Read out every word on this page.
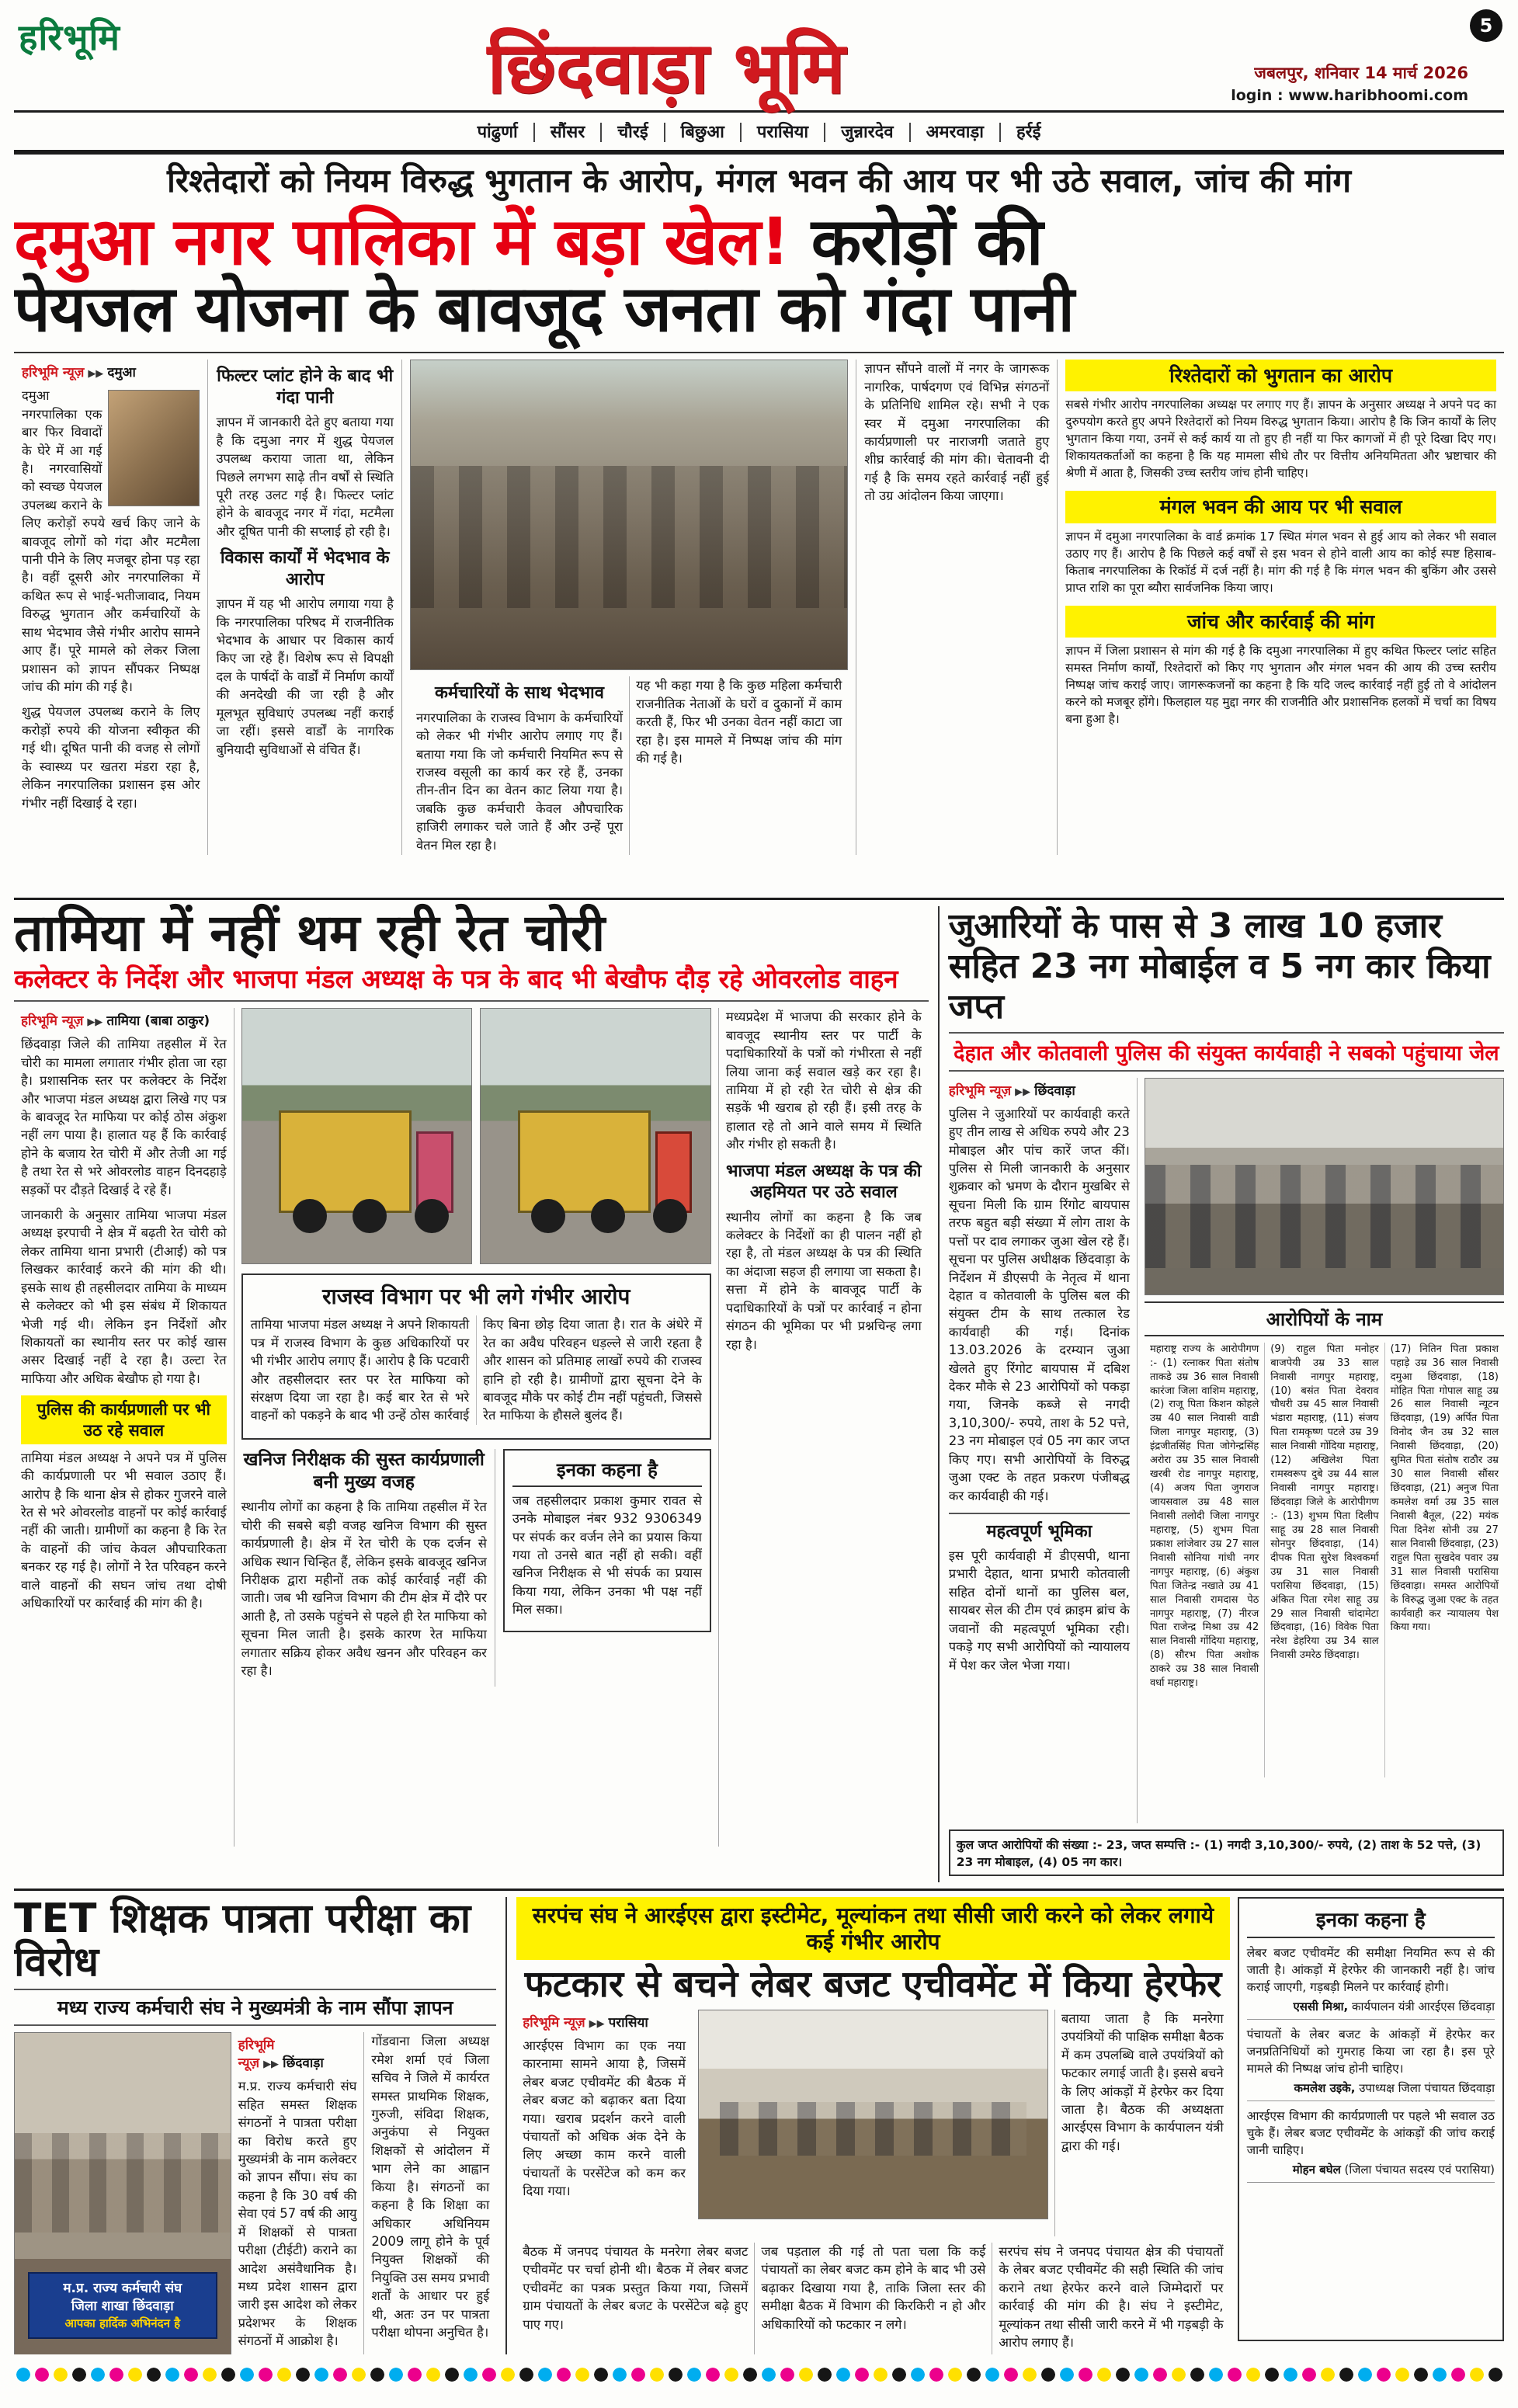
हरिभूमि	छिंदवाड़ा भूमि	जबलपुर, शनिवार 14 मार्च 2026
login : www.haribhoomi.com
5
पांढुर्णा सौंसर चौरई बिछुआ परासिया जुन्नारदेव अमरवाड़ा हर्रई
रिश्तेदारों को नियम विरुद्ध भुगतान के आरोप, मंगल भवन की आय पर भी उठे सवाल, जांच की मांग
दमुआ नगर पालिका में बड़ा खेल! करोड़ों की
पेयजल योजना के बावजूद जनता को गंदा पानी
हरिभूमि न्यूज़ ▶▶ दमुआ

दमुआ नगरपालिका एक बार फिर विवादों के घेरे में आ गई है। नगरवासियों को स्वच्छ पेयजल उपलब्ध कराने के लिए करोड़ों रुपये खर्च किए जाने के बावजूद लोगों को गंदा और मटमैला पानी पीने के लिए मजबूर होना पड़ रहा है। वहीं दूसरी ओर नगरपालिका में कथित रूप से भाई-भतीजावाद, नियम विरुद्ध भुगतान और कर्मचारियों के साथ भेदभाव जैसे गंभीर आरोप सामने आए हैं। पूरे मामले को लेकर जिला प्रशासन को ज्ञापन सौंपकर निष्पक्ष जांच की मांग की गई है।

शुद्ध पेयजल उपलब्ध कराने के लिए करोड़ों रुपये की योजना स्वीकृत की गई थी। दूषित पानी की वजह से लोगों के स्वास्थ्य पर खतरा मंडरा रहा है, लेकिन नगरपालिका प्रशासन इस ओर गंभीर नहीं दिखाई दे रहा।

फिल्टर प्लांट होने के बाद भी गंदा पानी

ज्ञापन में जानकारी देते हुए बताया गया है कि दमुआ नगर में शुद्ध पेयजल उपलब्ध कराया जाता था, लेकिन पिछले लगभग साढ़े तीन वर्षों से स्थिति पूरी तरह उलट गई है। फिल्टर प्लांट होने के बावजूद नगर में गंदा, मटमैला और दूषित पानी की सप्लाई हो रही है।

विकास कार्यों में भेदभाव के आरोप

ज्ञापन में यह भी आरोप लगाया गया है कि नगरपालिका परिषद में राजनीतिक भेदभाव के आधार पर विकास कार्य किए जा रहे हैं। विशेष रूप से विपक्षी दल के पार्षदों के वार्डों में निर्माण कार्यों की अनदेखी की जा रही है और मूलभूत सुविधाएं उपलब्ध नहीं कराई जा रहीं। इससे वार्डों के नागरिक बुनियादी सुविधाओं से वंचित हैं।

कर्मचारियों के साथ भेदभाव

नगरपालिका के राजस्व विभाग के कर्मचारियों को लेकर भी गंभीर आरोप लगाए गए हैं। बताया गया कि जो कर्मचारी नियमित रूप से राजस्व वसूली का कार्य कर रहे हैं, उनका तीन-तीन दिन का वेतन काट लिया गया है। जबकि कुछ कर्मचारी केवल औपचारिक हाजिरी लगाकर चले जाते हैं और उन्हें पूरा वेतन मिल रहा है।

यह भी कहा गया है कि कुछ महिला कर्मचारी राजनीतिक नेताओं के घरों व दुकानों में काम करती हैं, फिर भी उनका वेतन नहीं काटा जा रहा है। इस मामले में निष्पक्ष जांच की मांग की गई है।

ज्ञापन सौंपने वालों में नगर के जागरूक नागरिक, पार्षदगण एवं विभिन्न संगठनों के प्रतिनिधि शामिल रहे। सभी ने एक स्वर में दमुआ नगरपालिका की कार्यप्रणाली पर नाराजगी जताते हुए शीघ्र कार्रवाई की मांग की। चेतावनी दी गई है कि समय रहते कार्रवाई नहीं हुई तो उग्र आंदोलन किया जाएगा।

रिश्तेदारों को भुगतान का आरोप

सबसे गंभीर आरोप नगरपालिका अध्यक्ष पर लगाए गए हैं। ज्ञापन के अनुसार अध्यक्ष ने अपने पद का दुरुपयोग करते हुए अपने रिश्तेदारों को नियम विरुद्ध भुगतान किया। आरोप है कि जिन कार्यों के लिए भुगतान किया गया, उनमें से कई कार्य या तो हुए ही नहीं या फिर कागजों में ही पूरे दिखा दिए गए। शिकायतकर्ताओं का कहना है कि यह मामला सीधे तौर पर वित्तीय अनियमितता और भ्रष्टाचार की श्रेणी में आता है, जिसकी उच्च स्तरीय जांच होनी चाहिए।

मंगल भवन की आय पर भी सवाल

ज्ञापन में दमुआ नगरपालिका के वार्ड क्रमांक 17 स्थित मंगल भवन से हुई आय को लेकर भी सवाल उठाए गए हैं। आरोप है कि पिछले कई वर्षों से इस भवन से होने वाली आय का कोई स्पष्ट हिसाब-किताब नगरपालिका के रिकॉर्ड में दर्ज नहीं है। मांग की गई है कि मंगल भवन की बुकिंग और उससे प्राप्त राशि का पूरा ब्यौरा सार्वजनिक किया जाए।

जांच और कार्रवाई की मांग

ज्ञापन में जिला प्रशासन से मांग की गई है कि दमुआ नगरपालिका में हुए कथित फिल्टर प्लांट सहित समस्त निर्माण कार्यों, रिश्तेदारों को किए गए भुगतान और मंगल भवन की आय की उच्च स्तरीय निष्पक्ष जांच कराई जाए। जागरूकजनों का कहना है कि यदि जल्द कार्रवाई नहीं हुई तो वे आंदोलन करने को मजबूर होंगे। फिलहाल यह मुद्दा नगर की राजनीति और प्रशासनिक हलकों में चर्चा का विषय बना हुआ है।

तामिया में नहीं थम रही रेत चोरी
कलेक्टर के निर्देश और भाजपा मंडल अध्यक्ष के पत्र के बाद भी बेखौफ दौड़ रहे ओवरलोड वाहन
हरिभूमि न्यूज़ ▶▶ तामिया (बाबा ठाकुर)

छिंदवाड़ा जिले की तामिया तहसील में रेत चोरी का मामला लगातार गंभीर होता जा रहा है। प्रशासनिक स्तर पर कलेक्टर के निर्देश और भाजपा मंडल अध्यक्ष द्वारा लिखे गए पत्र के बावजूद रेत माफिया पर कोई ठोस अंकुश नहीं लग पाया है। हालात यह हैं कि कार्रवाई होने के बजाय रेत चोरी में और तेजी आ गई है तथा रेत से भरे ओवरलोड वाहन दिनदहाड़े सड़कों पर दौड़ते दिखाई दे रहे हैं।

जानकारी के अनुसार तामिया भाजपा मंडल अध्यक्ष इरपाची ने क्षेत्र में बढ़ती रेत चोरी को लेकर तामिया थाना प्रभारी (टीआई) को पत्र लिखकर कार्रवाई करने की मांग की थी। इसके साथ ही तहसीलदार तामिया के माध्यम से कलेक्टर को भी इस संबंध में शिकायत भेजी गई थी। लेकिन इन निर्देशों और शिकायतों का स्थानीय स्तर पर कोई खास असर दिखाई नहीं दे रहा है। उल्टा रेत माफिया और अधिक बेखौफ हो गया है।

पुलिस की कार्यप्रणाली पर भी उठ रहे सवाल

तामिया मंडल अध्यक्ष ने अपने पत्र में पुलिस की कार्यप्रणाली पर भी सवाल उठाए हैं। आरोप है कि थाना क्षेत्र से होकर गुजरने वाले रेत से भरे ओवरलोड वाहनों पर कोई कार्रवाई नहीं की जाती। ग्रामीणों का कहना है कि रेत के वाहनों की जांच केवल औपचारिकता बनकर रह गई है। लोगों ने रेत परिवहन करने वाले वाहनों की सघन जांच तथा दोषी अधिकारियों पर कार्रवाई की मांग की है।

राजस्व विभाग पर भी लगे गंभीर आरोप

तामिया भाजपा मंडल अध्यक्ष ने अपने शिकायती पत्र में राजस्व विभाग के कुछ अधिकारियों पर भी गंभीर आरोप लगाए हैं। आरोप है कि पटवारी और तहसीलदार स्तर पर रेत माफिया को संरक्षण दिया जा रहा है। कई बार रेत से भरे वाहनों को पकड़ने के बाद भी उन्हें ठोस कार्रवाई किए बिना छोड़ दिया जाता है। रात के अंधेरे में रेत का अवैध परिवहन धड़ल्ले से जारी रहता है और शासन को प्रतिमाह लाखों रुपये की राजस्व हानि हो रही है। ग्रामीणों द्वारा सूचना देने के बावजूद मौके पर कोई टीम नहीं पहुंचती, जिससे रेत माफिया के हौसले बुलंद हैं।

खनिज निरीक्षक की सुस्त कार्यप्रणाली बनी मुख्य वजह

स्थानीय लोगों का कहना है कि तामिया तहसील में रेत चोरी की सबसे बड़ी वजह खनिज विभाग की सुस्त कार्यप्रणाली है। क्षेत्र में रेत चोरी के एक दर्जन से अधिक स्थान चिन्हित हैं, लेकिन इसके बावजूद खनिज निरीक्षक द्वारा महीनों तक कोई कार्रवाई नहीं की जाती। जब भी खनिज विभाग की टीम क्षेत्र में दौरे पर आती है, तो उसके पहुंचने से पहले ही रेत माफिया को सूचना मिल जाती है। इसके कारण रेत माफिया लगातार सक्रिय होकर अवैध खनन और परिवहन कर रहा है।

इनका कहना है

जब तहसीलदार प्रकाश कुमार रावत से उनके मोबाइल नंबर 932 9306349 पर संपर्क कर वर्जन लेने का प्रयास किया गया तो उनसे बात नहीं हो सकी। वहीं खनिज निरीक्षक से भी संपर्क का प्रयास किया गया, लेकिन उनका भी पक्ष नहीं मिल सका।

मध्यप्रदेश में भाजपा की सरकार होने के बावजूद स्थानीय स्तर पर पार्टी के पदाधिकारियों के पत्रों को गंभीरता से नहीं लिया जाना कई सवाल खड़े कर रहा है। तामिया में हो रही रेत चोरी से क्षेत्र की सड़कें भी खराब हो रही हैं। इसी तरह के हालात रहे तो आने वाले समय में स्थिति और गंभीर हो सकती है।

भाजपा मंडल अध्यक्ष के पत्र की अहमियत पर उठे सवाल

स्थानीय लोगों का कहना है कि जब कलेक्टर के निर्देशों का ही पालन नहीं हो रहा है, तो मंडल अध्यक्ष के पत्र की स्थिति का अंदाजा सहज ही लगाया जा सकता है। सत्ता में होने के बावजूद पार्टी के पदाधिकारियों के पत्रों पर कार्रवाई न होना संगठन की भूमिका पर भी प्रश्नचिन्ह लगा रहा है।

जुआरियों के पास से 3 लाख 10 हजार सहित 23 नग मोबाईल व 5 नग कार किया जप्त
देहात और कोतवाली पुलिस की संयुक्त कार्यवाही ने सबको पहुंचाया जेल
हरिभूमि न्यूज़ ▶▶ छिंदवाड़ा

पुलिस ने जुआरियों पर कार्यवाही करते हुए तीन लाख से अधिक रुपये और 23 मोबाइल और पांच कारें जप्त कीं। पुलिस से मिली जानकारी के अनुसार शुक्रवार को भ्रमण के दौरान मुखबिर से सूचना मिली कि ग्राम रिंगोट बायपास तरफ बहुत बड़ी संख्या में लोग ताश के पत्तों पर दाव लगाकर जुआ खेल रहे हैं। सूचना पर पुलिस अधीक्षक छिंदवाड़ा के निर्देशन में डीएसपी के नेतृत्व में थाना देहात व कोतवाली के पुलिस बल की संयुक्त टीम के साथ तत्काल रेड कार्यवाही की गई। दिनांक 13.03.2026 के दरम्यान जुआ खेलते हुए रिंगोट बायपास में दबिश देकर मौके से 23 आरोपियों को पकड़ा गया, जिनके कब्जे से नगदी 3,10,300/- रुपये, ताश के 52 पत्ते, 23 नग मोबाइल एवं 05 नग कार जप्त किए गए। सभी आरोपियों के विरुद्ध जुआ एक्ट के तहत प्रकरण पंजीबद्ध कर कार्यवाही की गई।

महत्वपूर्ण भूमिका

इस पूरी कार्यवाही में डीएसपी, थाना प्रभारी देहात, थाना प्रभारी कोतवाली सहित दोनों थानों का पुलिस बल, सायबर सेल की टीम एवं क्राइम ब्रांच के जवानों की महत्वपूर्ण भूमिका रही। पकड़े गए सभी आरोपियों को न्यायालय में पेश कर जेल भेजा गया।

आरोपियों के नाम

महाराष्ट्र राज्य के आरोपीगण :- (1) रत्नाकर पिता संतोष ताकडे उम्र 36 साल निवासी कारंजा जिला वाशिम महाराष्ट्र, (2) राजू पिता किशन कोहले उम्र 40 साल निवासी वाडी जिला नागपुर महाराष्ट्र, (3) इंद्रजीतसिंह पिता जोगेन्द्रसिंह अरोरा उम्र 35 साल निवासी खरबी रोड नागपुर महाराष्ट्र, (4) अजय पिता जुगराज जायसवाल उम्र 48 साल निवासी तलोदी जिला नागपुर महाराष्ट्र, (5) शुभम पिता प्रकाश लांजेवार उम्र 27 साल निवासी सोनिया गांधी नगर नागपुर महाराष्ट्र, (6) अंकुश पिता जितेन्द्र नखाते उम्र 41 साल निवासी रामदास पेठ नागपुर महाराष्ट्र, (7) नीरज पिता राजेन्द्र मिश्रा उम्र 42 साल निवासी गोंदिया महाराष्ट्र, (8) सौरभ पिता अशोक ठाकरे उम्र 38 साल निवासी वर्धा महाराष्ट्र।

(9) राहुल पिता मनोहर बाजपेयी उम्र 33 साल निवासी नागपुर महाराष्ट्र, (10) बसंत पिता देवराव चौधरी उम्र 45 साल निवासी भंडारा महाराष्ट्र, (11) संजय पिता रामकृष्ण पटले उम्र 39 साल निवासी गोंदिया महाराष्ट्र, (12) अखिलेश पिता रामस्वरूप दुबे उम्र 44 साल निवासी नागपुर महाराष्ट्र। छिंदवाड़ा जिले के आरोपीगण :- (13) शुभम पिता दिलीप साहू उम्र 28 साल निवासी सोनपुर छिंदवाड़ा, (14) दीपक पिता सुरेश विश्वकर्मा उम्र 31 साल निवासी परासिया छिंदवाड़ा, (15) अंकित पिता रमेश साहू उम्र 29 साल निवासी चांदामेटा छिंदवाड़ा, (16) विवेक पिता नरेश डेहरिया उम्र 34 साल निवासी उमरेठ छिंदवाड़ा।

(17) नितिन पिता प्रकाश पहाड़े उम्र 36 साल निवासी दमुआ छिंदवाड़ा, (18) मोहित पिता गोपाल साहू उम्र 26 साल निवासी न्यूटन छिंदवाड़ा, (19) अर्पित पिता विनोद जैन उम्र 32 साल निवासी छिंदवाड़ा, (20) सुमित पिता संतोष राठौर उम्र 30 साल निवासी सौंसर छिंदवाड़ा, (21) अनुज पिता कमलेश वर्मा उम्र 35 साल निवासी बैतूल, (22) मयंक पिता दिनेश सोनी उम्र 27 साल निवासी छिंदवाड़ा, (23) राहुल पिता सुखदेव पवार उम्र 31 साल निवासी परासिया छिंदवाड़ा। समस्त आरोपियों के विरुद्ध जुआ एक्ट के तहत कार्यवाही कर न्यायालय पेश किया गया।

कुल जप्त आरोपियों की संख्या :- 23, जप्त सम्पत्ति :- (1) नगदी 3,10,300/- रुपये, (2) ताश के 52 पत्ते, (3) 23 नग मोबाइल, (4) 05 नग कार।
TET शिक्षक पात्रता परीक्षा का विरोध
मध्य राज्य कर्मचारी संघ ने मुख्यमंत्री के नाम सौंपा ज्ञापन
म.प्र. राज्य कर्मचारी संघ
जिला शाखा छिंदवाड़ा
आपका हार्दिक अभिनंदन है
हरिभूमि न्यूज़ ▶▶ छिंदवाड़ा

म.प्र. राज्य कर्मचारी संघ सहित समस्त शिक्षक संगठनों ने पात्रता परीक्षा का विरोध करते हुए मुख्यमंत्री के नाम कलेक्टर को ज्ञापन सौंपा। संघ का कहना है कि 30 वर्ष की सेवा एवं 57 वर्ष की आयु में शिक्षकों से पात्रता परीक्षा (टीईटी) कराने का आदेश असंवैधानिक है। मध्य प्रदेश शासन द्वारा जारी इस आदेश को लेकर प्रदेशभर के शिक्षक संगठनों में आक्रोश है।

गोंडवाना जिला अध्यक्ष रमेश शर्मा एवं जिला सचिव ने जिले में कार्यरत समस्त प्राथमिक शिक्षक, गुरुजी, संविदा शिक्षक, अनुकंपा से नियुक्त शिक्षकों से आंदोलन में भाग लेने का आह्वान किया है। संगठनों का कहना है कि शिक्षा का अधिकार अधिनियम 2009 लागू होने के पूर्व नियुक्त शिक्षकों की नियुक्ति उस समय प्रभावी शर्तों के आधार पर हुई थी, अतः उन पर पात्रता परीक्षा थोपना अनुचित है।

सरपंच संघ ने आरईएस द्वारा इस्टीमेट, मूल्यांकन तथा सीसी जारी करने को लेकर लगाये कई गंभीर आरोप
फटकार से बचने लेबर बजट एचीवमेंट में किया हेरफेर
हरिभूमि न्यूज़ ▶▶ परासिया

आरईएस विभाग का एक नया कारनामा सामने आया है, जिसमें लेबर बजट एचीवमेंट की बैठक में लेबर बजट को बढ़ाकर बता दिया गया। खराब प्रदर्शन करने वाली पंचायतों को अधिक अंक देने के लिए अच्छा काम करने वाली पंचायतों के परसेंटेज को कम कर दिया गया।

बताया जाता है कि मनरेगा उपयंत्रियों की पाक्षिक समीक्षा बैठक में कम उपलब्धि वाले उपयंत्रियों को फटकार लगाई जाती है। इससे बचने के लिए आंकड़ों में हेरफेर कर दिया जाता है। बैठक की अध्यक्षता आरईएस विभाग के कार्यपालन यंत्री द्वारा की गई।

बैठक में जनपद पंचायत के मनरेगा लेबर बजट एचीवमेंट पर चर्चा होनी थी। बैठक में लेबर बजट एचीवमेंट का पत्रक प्रस्तुत किया गया, जिसमें ग्राम पंचायतों के लेबर बजट के परसेंटेज बढ़े हुए पाए गए।

जब पड़ताल की गई तो पता चला कि कई पंचायतों का लेबर बजट कम होने के बाद भी उसे बढ़ाकर दिखाया गया है, ताकि जिला स्तर की समीक्षा बैठक में विभाग की किरकिरी न हो और अधिकारियों को फटकार न लगे।

सरपंच संघ ने जनपद पंचायत क्षेत्र की पंचायतों के लेबर बजट एचीवमेंट की सही स्थिति की जांच कराने तथा हेरफेर करने वाले जिम्मेदारों पर कार्रवाई की मांग की है। संघ ने इस्टीमेट, मूल्यांकन तथा सीसी जारी करने में भी गड़बड़ी के आरोप लगाए हैं।

इनका कहना है

लेबर बजट एचीवमेंट की समीक्षा नियमित रूप से की जाती है। आंकड़ों में हेरफेर की जानकारी नहीं है। जांच कराई जाएगी, गड़बड़ी मिलने पर कार्रवाई होगी।

एससी मिश्रा, कार्यपालन यंत्री आरईएस छिंदवाड़ा

पंचायतों के लेबर बजट के आंकड़ों में हेरफेर कर जनप्रतिनिधियों को गुमराह किया जा रहा है। इस पूरे मामले की निष्पक्ष जांच होनी चाहिए।

कमलेश उइके, उपाध्यक्ष जिला पंचायत छिंदवाड़ा

आरईएस विभाग की कार्यप्रणाली पर पहले भी सवाल उठ चुके हैं। लेबर बजट एचीवमेंट के आंकड़ों की जांच कराई जानी चाहिए।

मोहन बघेल (जिला पंचायत सदस्य एवं परासिया)
